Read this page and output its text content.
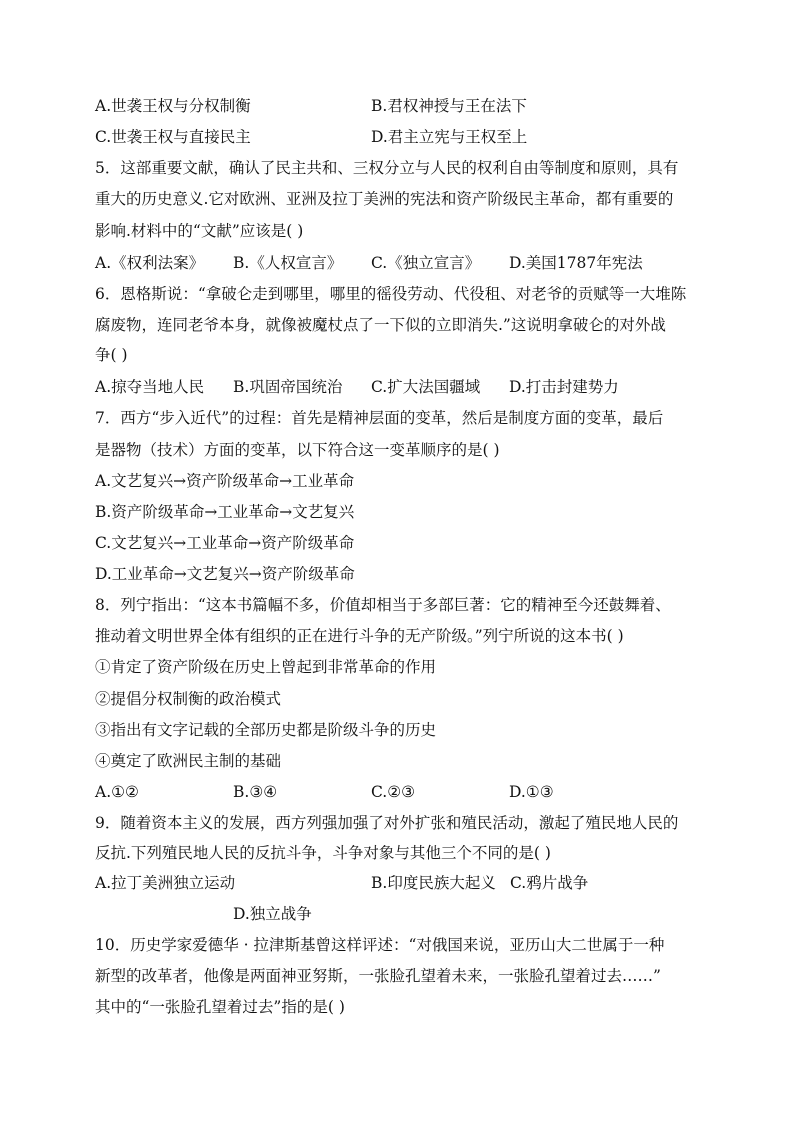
A.世袭王权与分权制衡	B.君权神授与王在法下
C.世袭王权与直接民主	D.君主立宪与王权至上
5．这部重要文献，确认了民主共和、三权分立与人民的权利自由等制度和原则，具有
重大的历史意义.它对欧洲、亚洲及拉丁美洲的宪法和资产阶级民主革命，都有重要的
影响.材料中的“文献”应该是( )
A.《权利法案》 B.《人权宣言》 C.《独立宣言》 D.美国1787年宪法
6．恩格斯说：“拿破仑走到哪里，哪里的徭役劳动、代役租、对老爷的贡赋等一大堆陈
腐废物，连同老爷本身，就像被魔杖点了一下似的立即消失.”这说明拿破仑的对外战
争( )
A.掠夺当地人民 B.巩固帝国统治 C.扩大法国疆域 D.打击封建势力
7．西方“步入近代”的过程：首先是精神层面的变革，然后是制度方面的变革，最后
是器物（技术）方面的变革，以下符合这一变革顺序的是( )
A.文艺复兴→资产阶级革命→工业革命
B.资产阶级革命→工业革命→文艺复兴
C.文艺复兴→工业革命→资产阶级革命
D.工业革命→文艺复兴→资产阶级革命
8．列宁指出：“这本书篇幅不多，价值却相当于多部巨著：它的精神至今还鼓舞着、
推动着文明世界全体有组织的正在进行斗争的无产阶级。”列宁所说的这本书( )
①肯定了资产阶级在历史上曾起到非常革命的作用
②提倡分权制衡的政治模式
③指出有文字记载的全部历史都是阶级斗争的历史
④奠定了欧洲民主制的基础
A.①②	B.③④	C.②③	D.①③
9．随着资本主义的发展，西方列强加强了对外扩张和殖民活动，激起了殖民地人民的
反抗.下列殖民地人民的反抗斗争，斗争对象与其他三个不同的是( )
A.拉丁美洲独立运动	B.印度民族大起义 C.鸦片战争
D.独立战争
10．历史学家爱德华 · 拉津斯基曾这样评述：“对俄国来说，亚历山大二世属于一种
新型的改革者，他像是两面神亚努斯，一张脸孔望着未来，一张脸孔望着过去……”
其中的“一张脸孔望着过去”指的是( )
